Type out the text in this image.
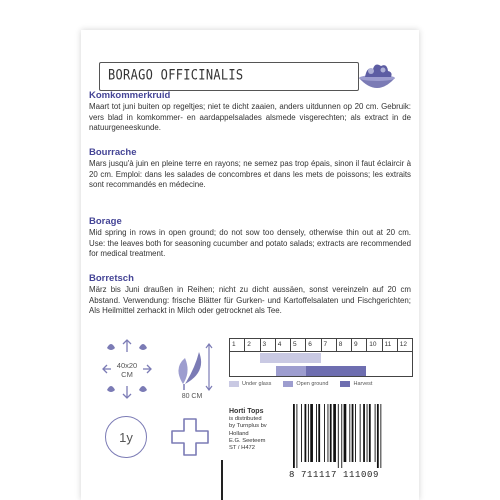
BORAGO OFFICINALIS
Komkommerkruid

Maart tot juni buiten op regeltjes; niet te dicht zaaien, anders uitdunnen op 20 cm. Gebruik: vers blad in komkommer- en aardappelsalades alsmede visgerechten; als extract in de natuurgeneeskunde.

Bourrache

Mars jusqu'à juin en pleine terre en rayons; ne semez pas trop épais, sinon il faut éclaircir à 20 cm. Emploi: dans les salades de concombres et dans les mets de poissons; les extraits sont recommandés en médecine.

Borage

Mid spring in rows in open ground; do not sow too densely, otherwise thin out at 20 cm. Use: the leaves both for seasoning cucumber and potato salads; extracts are recommended for medical treatment.

Borretsch

März bis Juni draußen in Reihen; nicht zu dicht aussäen, sonst vereinzeln auf 20 cm Abstand. Verwendung: frische Blätter für Gurken- und Kartoffelsalaten und Fischgerichten; Als Heilmittel zerhackt in Milch oder getrocknet als Tee.

40x20
CM
80 CM
1y
1	2	3	4	5	6	7	8	9	10	11	12
Under glass	Open ground	Harvest
Horti Tops
is distributed
by Turnplus bv
Holland
E.G. Seeteem
ST / H472
8 711117 111009
